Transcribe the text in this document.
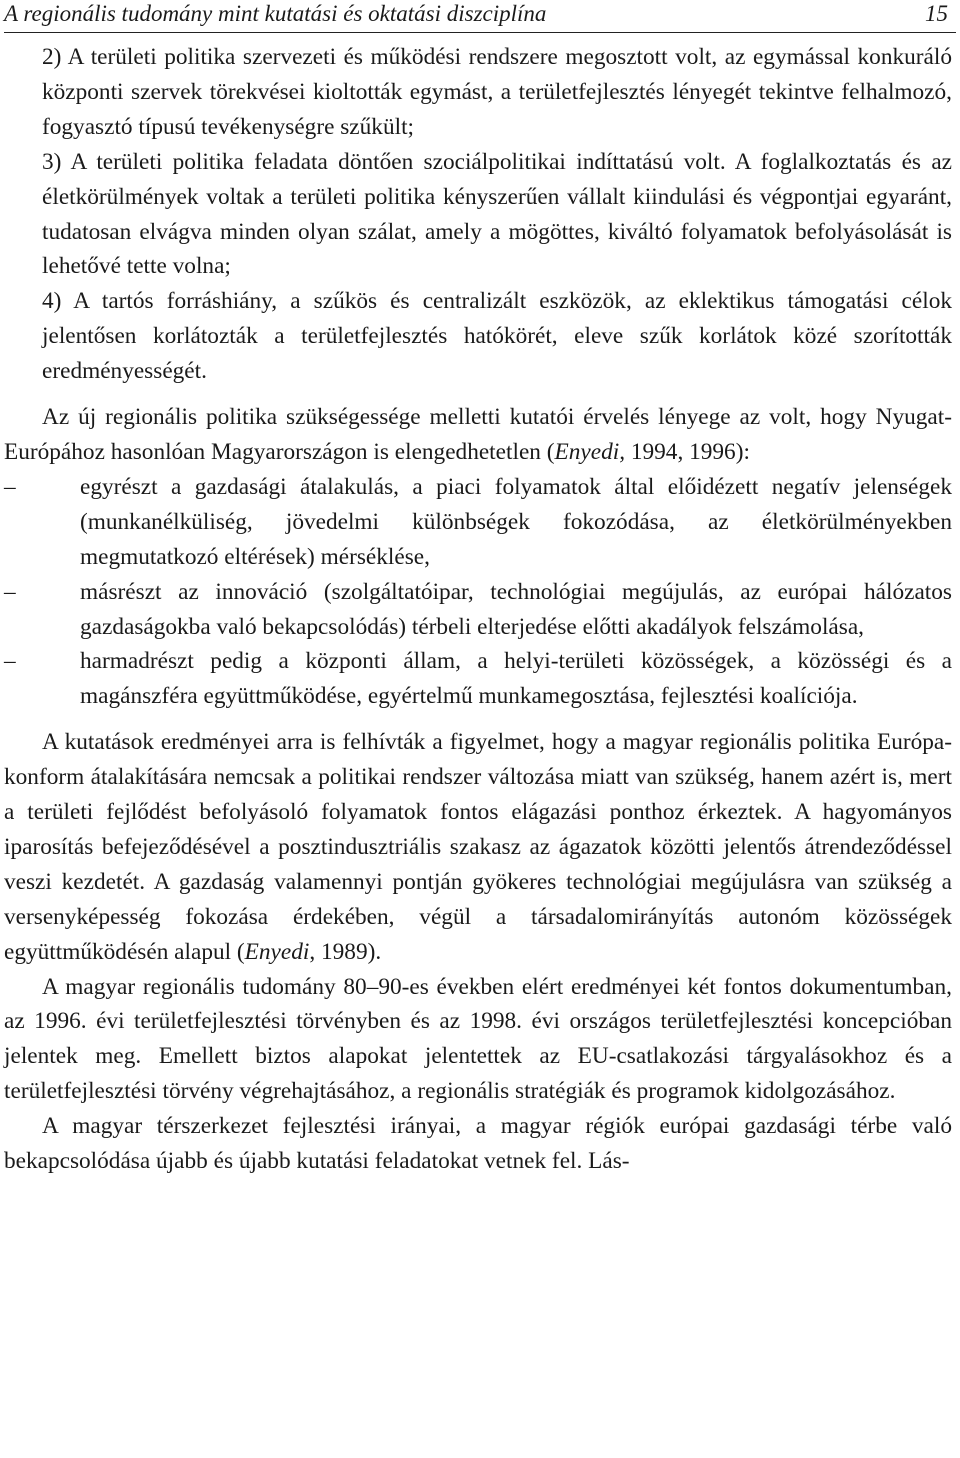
A regionális tudomány mint kutatási és oktatási diszciplína	15

2) A területi politika szervezeti és működési rendszere megosztott volt, az egymással konkuráló központi szervek törekvései kioltották egymást, a területfejlesztés lényegét tekintve felhalmozó, fogyasztó típusú tevékenységre szűkült;

3) A területi politika feladata döntően szociálpolitikai indíttatású volt. A foglalkoztatás és az életkörülmények voltak a területi politika kényszerűen vállalt kiindulási és végpontjai egyaránt, tudatosan elvágva minden olyan szálat, amely a mögöttes, kiváltó folyamatok befolyásolását is lehetővé tette volna;

4) A tartós forráshiány, a szűkös és centralizált eszközök, az eklektikus támogatási célok jelentősen korlátozták a területfejlesztés hatókörét, eleve szűk korlátok közé szorították eredményességét.

Az új regionális politika szükségessége melletti kutatói érvelés lényege az volt, hogy Nyugat-Európához hasonlóan Magyarországon is elengedhetetlen (Enyedi, 1994, 1996):

–	egyrészt a gazdasági átalakulás, a piaci folyamatok által előidézett negatív jelenségek (munkanélküliség, jövedelmi különbségek fokozódása, az életkörülményekben megmutatkozó eltérések) mérséklése,
–	másrészt az innováció (szolgáltatóipar, technológiai megújulás, az európai hálózatos gazdaságokba való bekapcsolódás) térbeli elterjedése előtti akadályok felszámolása,
–	harmadrészt pedig a központi állam, a helyi-területi közösségek, a közösségi és a magánszféra együttműködése, egyértelmű munkamegosztása, fejlesztési koalíciója.

A kutatások eredményei arra is felhívták a figyelmet, hogy a magyar regionális politika Európa-konform átalakítására nemcsak a politikai rendszer változása miatt van szükség, hanem azért is, mert a területi fejlődést befolyásoló folyamatok fontos elágazási ponthoz érkeztek. A hagyományos iparosítás befejeződésével a posztindusztriális szakasz az ágazatok közötti jelentős átrendeződéssel veszi kezdetét. A gazdaság valamennyi pontján gyökeres technológiai megújulásra van szükség a versenyképesség fokozása érdekében, végül a társadalomirányítás autonóm közösségek együttműködésén alapul (Enyedi, 1989).

A magyar regionális tudomány 80–90-es években elért eredményei két fontos dokumentumban, az 1996. évi területfejlesztési törvényben és az 1998. évi országos területfejlesztési koncepcióban jelentek meg. Emellett biztos alapokat jelentettek az EU-csatlakozási tárgyalásokhoz és a területfejlesztési törvény végrehajtásához, a regionális stratégiák és programok kidolgozásához.

A magyar térszerkezet fejlesztési irányai, a magyar régiók európai gazdasági térbe való bekapcsolódása újabb és újabb kutatási feladatokat vetnek fel. Lás-
